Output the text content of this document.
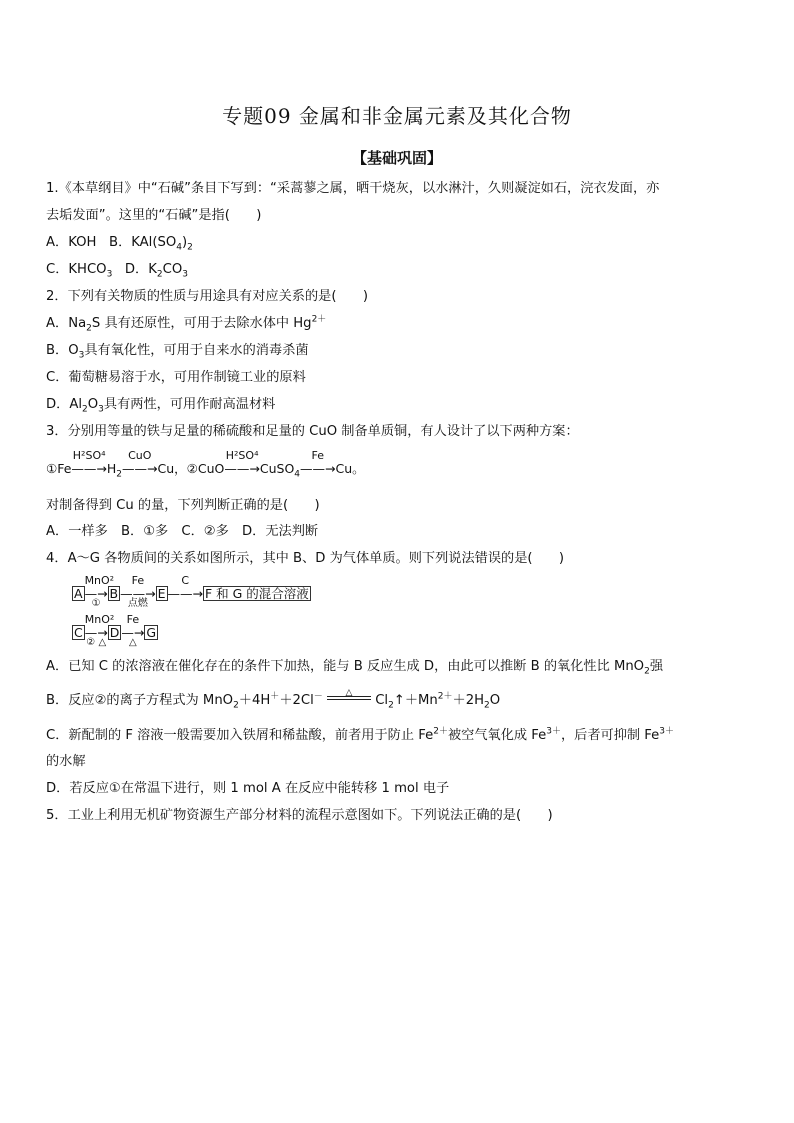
专题09 金属和非金属元素及其化合物
【基础巩固】
1.《本草纲目》中“石碱”条目下写到：“采蒿蓼之属，晒干烧灰，以水淋汁，久则凝淀如石，浣衣发面，亦
去垢发面”。这里的“石碱”是指(　　)
A．KOH B．$KAl(SO_4)_2$
C．$KHCO_3$ D．$K_2CO_3$
2．下列有关物质的性质与用途具有对应关系的是(　　)
A．$Na_2S$ 具有还原性，可用于去除水体中 $Hg^{2+}$
B．$O_3$具有氧化性，可用于自来水的消毒杀菌
C．葡萄糖易溶于水，可用作制镜工业的原料
D．$Al_2O_3$具有两性，可用作耐高温材料
3．分别用等量的铁与足量的稀硫酸和足量的 CuO 制备单质铜，有人设计了以下两种方案：
①Fe
H²SO⁴
$——\to H_2$
CuO
——→Cu，②CuO
H²SO⁴
——→CuSO$_4$
Fe
——→Cu。
对制备得到 Cu 的量，下列判断正确的是(　　)
A．一样多　B．①多　C．②多　D．无法判断
4．A～G 各物质间的关系如图所示，其中 B、D 为气体单质。则下列说法错误的是(　　)
A
MnO²
—→
①
B
Fe
——→
点燃
E
C
——→ F 和 G 的混合溶液
C
MnO²
—→
② △
D
Fe
—→
△
G
A．已知 C 的浓溶液在催化存在的条件下加热，能与 B 反应生成 D，由此可以推断 B 的氧化性比 MnO$_2$强
B．反应②的离子方程式为 MnO$_2$＋4H＋＋2Cl－	△	$Cl_2↑+Mn^{2+}+2H_2O$
C．新配制的 F 溶液一般需要加入铁屑和稀盐酸，前者用于防止 $Fe^{2+}$被空气氧化成 $Fe^{3+}$，后者可抑制 $Fe^{3+}$
的水解
D．若反应①在常温下进行，则 1 mol A 在反应中能转移 1 mol 电子
5．工业上利用无机矿物资源生产部分材料的流程示意图如下。下列说法正确的是(　　)
